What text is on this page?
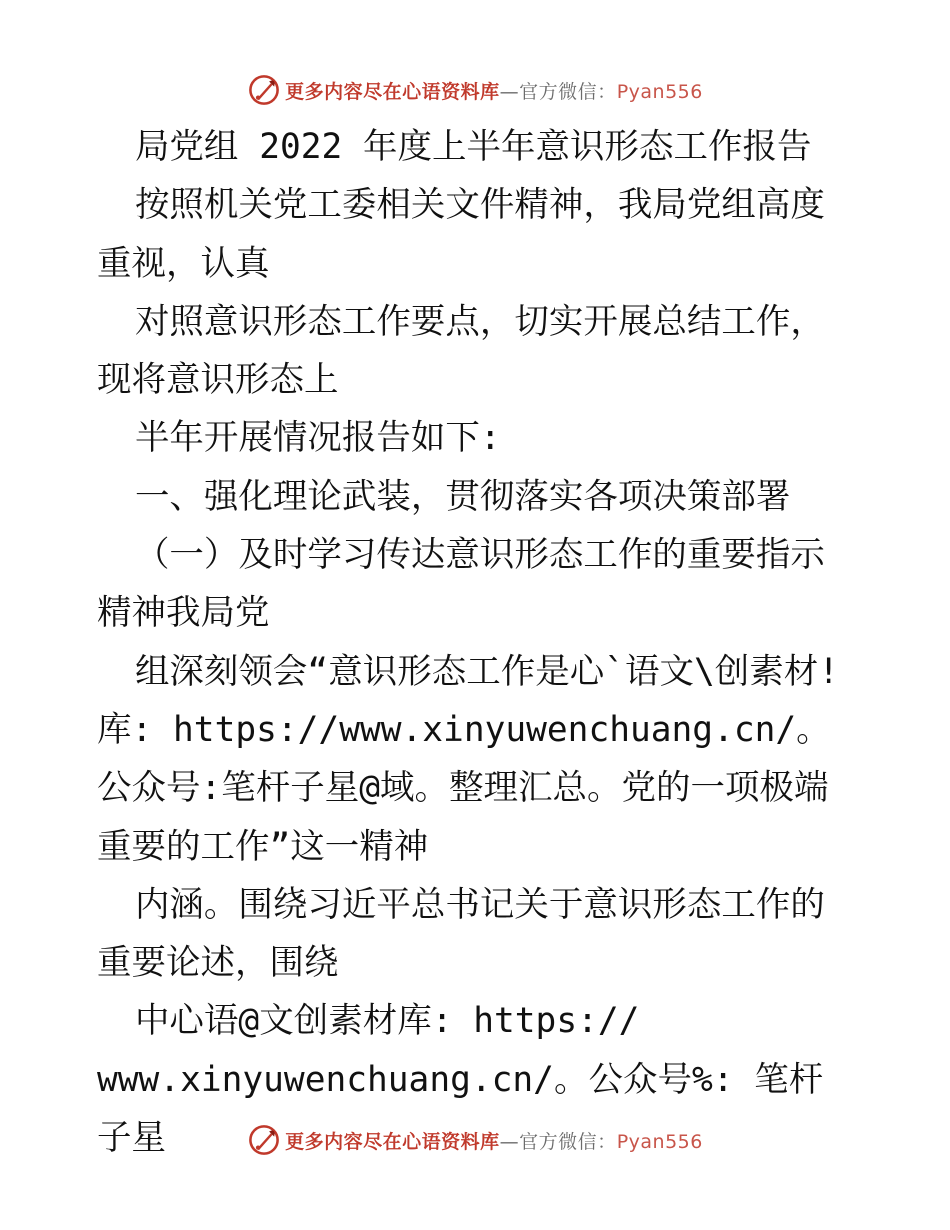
更多内容尽在心语资料库—官方微信：Pyan556

局党组 2022 年度上半年意识形态工作报告

按照机关党工委相关文件精神，我局党组高度重视，认真

对照意识形态工作要点，切实开展总结工作，现将意识形态上

半年开展情况报告如下:

一、强化理论武装，贯彻落实各项决策部署

（一）及时学习传达意识形态工作的重要指示精神我局党

组深刻领会“意识形态工作是心`语文\创素材!库: https://www.xinyuwenchuang.cn/。公众号:笔杆子星@域。整理汇总。党的一项极端重要的工作”这一精神

内涵。围绕习近平总书记关于意识形态工作的重要论述，围绕

中心语@文创素材库: https://

www.xinyuwenchuang.cn/。公众号%: 笔杆子星	更多内容尽在心语资料库—官方微信：Pyan556
